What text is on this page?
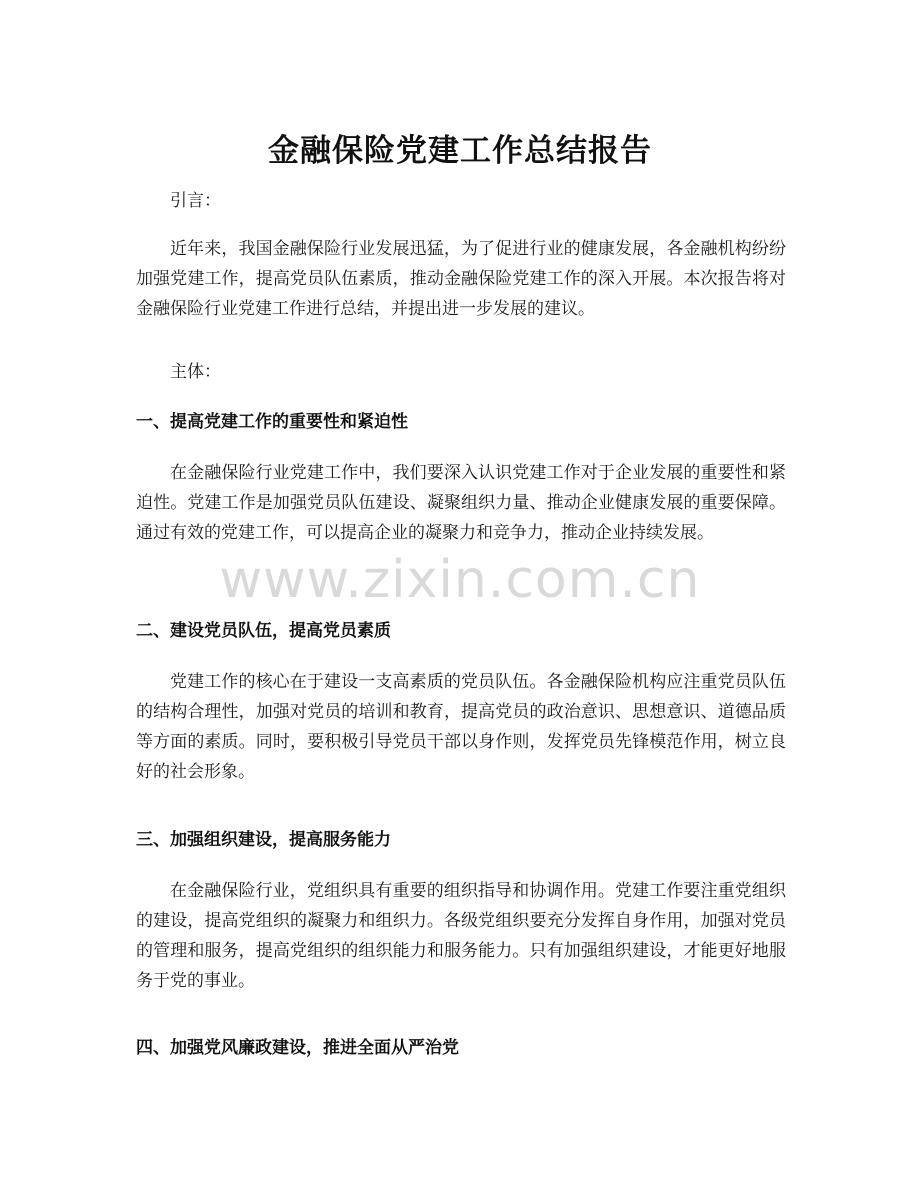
金融保险党建工作总结报告

引言：

近年来，我国金融保险行业发展迅猛，为了促进行业的健康发展，各金融机构纷纷加强党建工作，提高党员队伍素质，推动金融保险党建工作的深入开展。本次报告将对金融保险行业党建工作进行总结，并提出进一步发展的建议。

主体：

一、提高党建工作的重要性和紧迫性

在金融保险行业党建工作中，我们要深入认识党建工作对于企业发展的重要性和紧迫性。党建工作是加强党员队伍建设、凝聚组织力量、推动企业健康发展的重要保障。通过有效的党建工作，可以提高企业的凝聚力和竞争力，推动企业持续发展。

二、建设党员队伍，提高党员素质

党建工作的核心在于建设一支高素质的党员队伍。各金融保险机构应注重党员队伍的结构合理性，加强对党员的培训和教育，提高党员的政治意识、思想意识、道德品质等方面的素质。同时，要积极引导党员干部以身作则，发挥党员先锋模范作用，树立良好的社会形象。

三、加强组织建设，提高服务能力

在金融保险行业，党组织具有重要的组织指导和协调作用。党建工作要注重党组织的建设，提高党组织的凝聚力和组织力。各级党组织要充分发挥自身作用，加强对党员的管理和服务，提高党组织的组织能力和服务能力。只有加强组织建设，才能更好地服务于党的事业。

四、加强党风廉政建设，推进全面从严治党
www.zixin.com.cn
